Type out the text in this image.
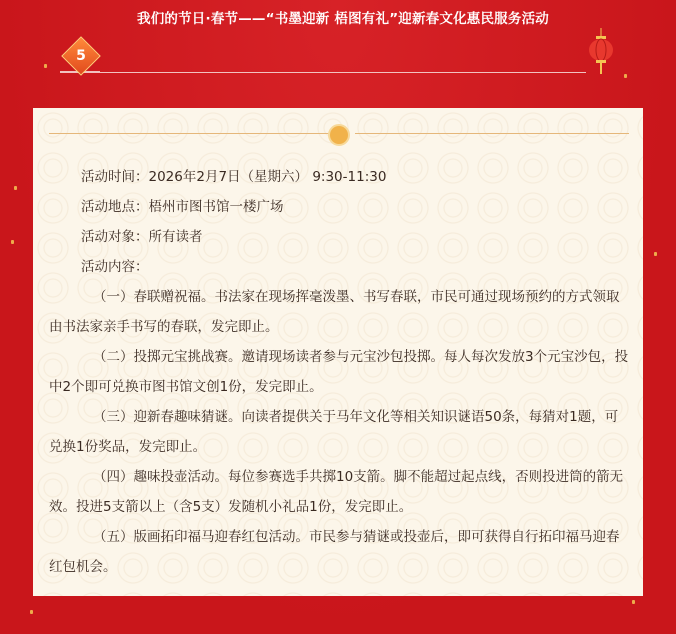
5
我们的节日·春节——“书墨迎新 梧图有礼”迎新春文化惠民服务活动

活动时间：2026年2月7日（星期六） 9:30-11:30

活动地点：梧州市图书馆一楼广场

活动对象：所有读者

活动内容：

（一）春联赠祝福。书法家在现场挥毫泼墨、书写春联，市民可通过现场预约的方式领取由书法家亲手书写的春联，发完即止。

（二）投掷元宝挑战赛。邀请现场读者参与元宝沙包投掷。每人每次发放3个元宝沙包，投中2个即可兑换市图书馆文创1份，发完即止。

（三）迎新春趣味猜谜。向读者提供关于马年文化等相关知识谜语50条，每猜对1题，可兑换1份奖品，发完即止。

（四）趣味投壶活动。每位参赛选手共掷10支箭。脚不能超过起点线，否则投进筒的箭无效。投进5支箭以上（含5支）发随机小礼品1份，发完即止。

（五）版画拓印福马迎春红包活动。市民参与猜谜或投壶后，即可获得自行拓印福马迎春红包机会。
